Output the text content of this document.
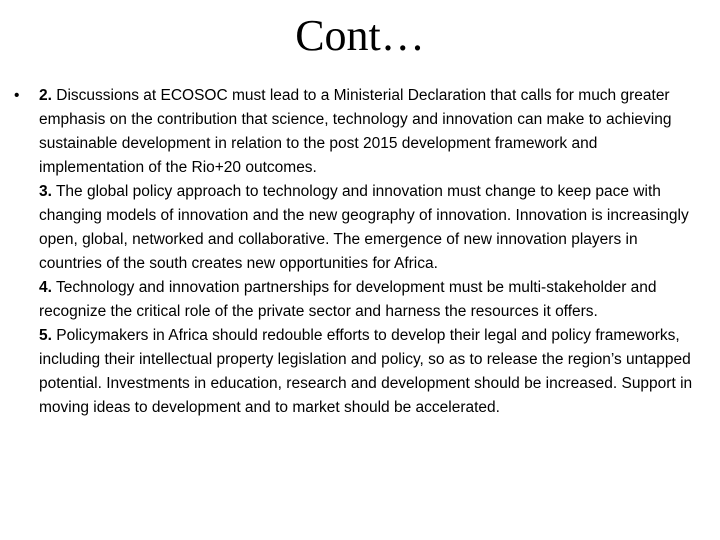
Cont…
•	2. Discussions at ECOSOC must lead to a Ministerial Declaration that calls for much greater emphasis on the contribution that science, technology and innovation can make to achieving sustainable development in relation to the post 2015 development framework and implementation of the Rio+20 outcomes.

3. The global policy approach to technology and innovation must change to keep pace with changing models of innovation and the new geography of innovation. Innovation is increasingly open, global, networked and collaborative. The emergence of new innovation players in countries of the south creates new opportunities for Africa.

4. Technology and innovation partnerships for development must be multi-stakeholder and recognize the critical role of the private sector and harness the resources it offers.

5. Policymakers in Africa should redouble efforts to develop their legal and policy frameworks, including their intellectual property legislation and policy, so as to release the region’s untapped potential. Investments in education, research and development should be increased. Support in moving ideas to development and to market should be accelerated.
